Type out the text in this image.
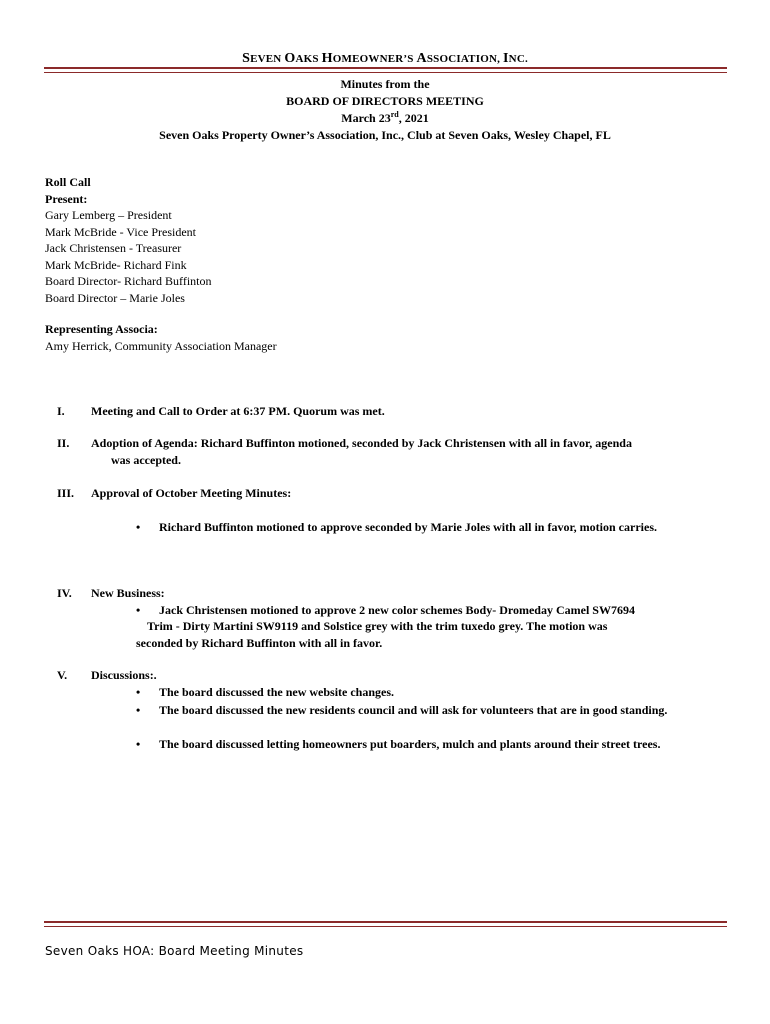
SEVEN OAKS HOMEOWNER’S ASSOCIATION, INC.
Minutes from the
BOARD OF DIRECTORS MEETING
March 23rd, 2021
Seven Oaks Property Owner’s Association, Inc., Club at Seven Oaks, Wesley Chapel, FL
Roll Call
Present:
Gary Lemberg – President
Mark McBride - Vice President
Jack Christensen - Treasurer
Mark McBride- Richard Fink
Board Director- Richard Buffinton
Board Director – Marie Joles
Representing Associa:
Amy Herrick, Community Association Manager
I.	Meeting and Call to Order at 6:37 PM. Quorum was met.
II.	Adoption of Agenda: Richard Buffinton motioned, seconded by Jack Christensen with all in favor, agenda
was accepted.
III.	Approval of October Meeting Minutes:
• Richard Buffinton motioned to approve seconded by Marie Joles with all in favor, motion carries.
IV.	New Business:
• Jack Christensen motioned to approve 2 new color schemes Body- Dromeday Camel SW7694
Trim - Dirty Martini SW9119 and Solstice grey with the trim tuxedo grey. The motion was
seconded by Richard Buffinton with all in favor.
V.	Discussions:.
• The board discussed the new website changes.
• The board discussed the new residents council and will ask for volunteers that are in good standing.
• The board discussed letting homeowners put boarders, mulch and plants around their street trees.
Seven Oaks HOA: Board Meeting Minutes
